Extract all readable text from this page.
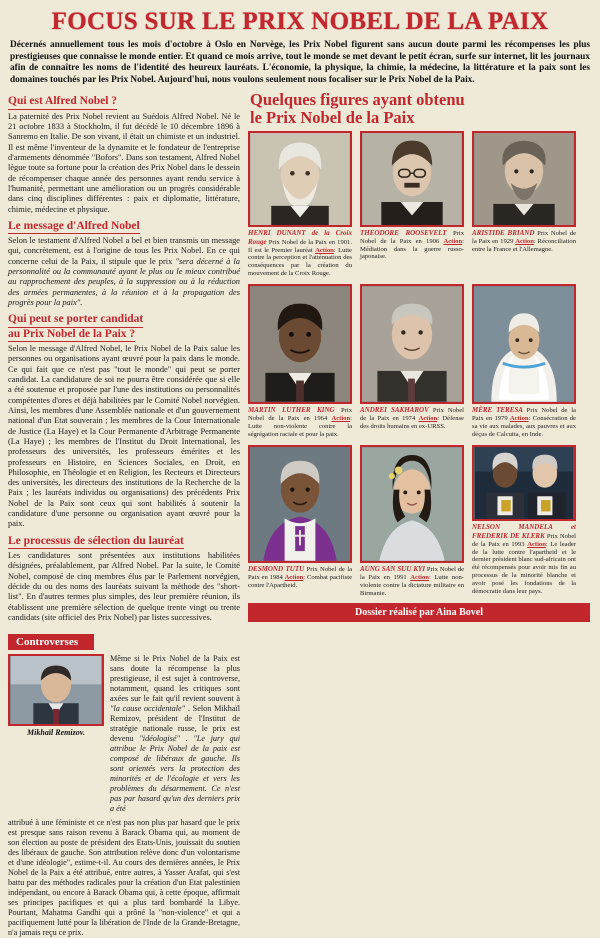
FOCUS SUR LE PRIX NOBEL DE LA PAIX
Décernés annuellement tous les mois d'octobre à Oslo en Norvège, les Prix Nobel figurent sans aucun doute parmi les récompenses les plus prestigieuses que connaisse le monde entier. Et quand ce mois arrive, tout le monde se met devant le petit écran, surfe sur internet, lit les journaux afin de connaître les noms de l'identité des heureux lauréats. L'économie, la physique, la chimie, la médecine, la littérature et la paix sont les domaines touchés par les Prix Nobel. Aujourd'hui, nous voulons seulement nous focaliser sur le Prix Nobel de la Paix.
Qui est Alfred Nobel ?

La paternité des Prix Nobel revient au Suédois Alfred Nobel. Né le 21 octobre 1833 à Stockholm, il fut décédé le 10 décembre 1896 à Sanremo en Italie. De son vivant, il était un chimiste et un industriel. Il est même l'inventeur de la dynamite et le fondateur de l'entreprise d'armements dénommée "Bofors". Dans son testament, Alfred Nobel lègue toute sa fortune pour la création des Prix Nobel dans le dessein de récompenser chaque année des personnes ayant rendu service à l'humanité, permettant une amélioration ou un progrès considérable dans cinq disciplines différentes : paix et diplomatie, littérature, chimie, médecine et physique.

Le message d'Alfred Nobel

Selon le testament d'Alfred Nobel a bel et bien transmis un message qui, concrètement, est à l'origine de tous les Prix Nobel. En ce qui concerne celui de la Paix, il stipule que le prix "sera décerné à la personnalité ou la communauté ayant le plus ou le mieux contribué au rapprochement des peuples, à la suppression ou à la réduction des armées permanentes, à la réunion et à la propagation des progrès pour la paix".

Qui peut se porter candidat
au Prix Nobel de la Paix ?

Selon le message d'Alfred Nobel, le Prix Nobel de la Paix salue les personnes ou organisations ayant œuvré pour la paix dans le monde. Ce qui fait que ce n'est pas "tout le monde" qui peut se porter candidat. La candidature de soi ne pourra être considérée que si elle a été soutenue et proposée par l'une des institutions ou personnalités compétentes d'ores et déjà habilitées par le Comité Nobel norvégien. Ainsi, les membres d'une Assemblée nationale et d'un gouvernement national d'un Etat souverain ; les membres de la Cour Internationale de Justice (La Haye) et la Cour Permanente d'Arbitrage Permanente (La Haye) ; les membres de l'Institut du Droit International, les professeurs des universités, les professeurs émérites et les professeurs en Histoire, en Sciences Sociales, en Droit, en Philosophie, en Théologie et en Religion, les Recteurs et Directeurs des universités, les directeurs des institutions de la Recherche de la Paix ; les lauréats individus ou organisations) des précédents Prix Nobel de la Paix sont ceux qui sont habilités à soutenir la candidature d'une personne ou organisation ayant œuvré pour la paix.

Le processus de sélection du lauréat

Les candidatures sont présentées aux institutions habilitées désignées, préalablement, par Alfred Nobel. Par la suite, le Comité Nobel, composé de cinq membres élus par le Parlement norvégien, décide du ou des noms des lauréats suivant la méthode des "short-list". En d'autres termes plus simples, des leur première réunion, ils établissent une première sélection de quelque trente vingt ou trente candidats (site officiel des Prix Nobel) par listes successives.

Controverses
Mikhaïl Remizov.
Même si le Prix Nobel de la Paix est sans doute la récompense la plus prestigieuse, il est sujet à controverse, notamment, quand les critiques sont axées sur le fait qu'il revient souvent à "la cause occidentale" . Selon Mikhaïl Remizov, président de l'Institut de stratégie nationale russe, le prix est devenu "idéologisé" . "Le jury qui attribue le Prix Nobel de la paix est composé de libéraux de gauche. Ils sont orientés vers la protection des minorités et de l'écologie et vers les problèmes du désarmement. Ce n'est pas par hasard qu'un des derniers prix a été
attribué à une féministe et ce n'est pas non plus par hasard que le prix est presque sans raison revenu à Barack Obama qui, au moment de son élection au poste de président des Etats-Unis, jouissait du soutien des libéraux de gauche. Son attribution relève donc d'un volontarisme et d'une idéologie", estime-t-il. Au cours des dernières années, le Prix Nobel de la Paix a été attribué, entre autres, à Yasser Arafat, qui s'est battu par des méthodes radicales pour la création d'un Etat palestinien indépendant, ou encore à Barack Obama qui, à cette époque, affirmait ses principes pacifiques et qui a plus tard bombardé la Libye. Pourtant, Mahatma Gandhi qui a prôné la "non-violence" et qui a pacifiquement lutté pour la libération de l'Inde de la Grande-Bretagne, n'a jamais reçu ce prix.
Quelques figures ayant obtenu
le Prix Nobel de la Paix
HENRI DUNANT de la Croix Rouge Prix Nobel de la Paix en 1901. Il est le Premier lauréat Action: Lutte contre la perception et l'atténuation des conséquences par la création du mouvement de la Croix Rouge.
THEODORE ROOSEVELT Prix Nobel de la Paix en 1906 Action: Médiation dans la guerre russo-japonaise.
ARISTIDE BRIAND Prix Nobel de la Paix en 1929 Action: Réconciliation entre la France et l'Allemagne.
MARTIN LUTHER KING Prix Nobel de la Paix en 1964 Action: Lutte non-violente contre la ségrégation raciale et pour la paix.
ANDREI SAKHAROV Prix Nobel de la Paix en 1974 Action: Défense des droits humains en ex-URSS.
MÈRE TERESA Prix Nobel de la Paix en 1979 Action: Consécration de sa vie aux malades, aux pauvres et aux déçus de Calcutta, en Inde.
DESMOND TUTU Prix Nobel de la Paix en 1984 Action: Combat pacifiste contre l'Apartheid.
AUNG SAN SUU KYI Prix Nobel de la Paix en 1991 Action: Lutte non-violente contre la dictature militaire en Birmanie.
NELSON MANDELA et FREDERIK DE KLERK Prix Nobel de la Paix en 1993 Action: Le leader de la lutte contre l'apartheid et le dernier président blanc sud-africain ont été récompensés pour avoir mis fin au processus de la minorité blanche et avoir posé les fondations de la démocratie dans leur pays.
Dossier réalisé par Aina Bovel
